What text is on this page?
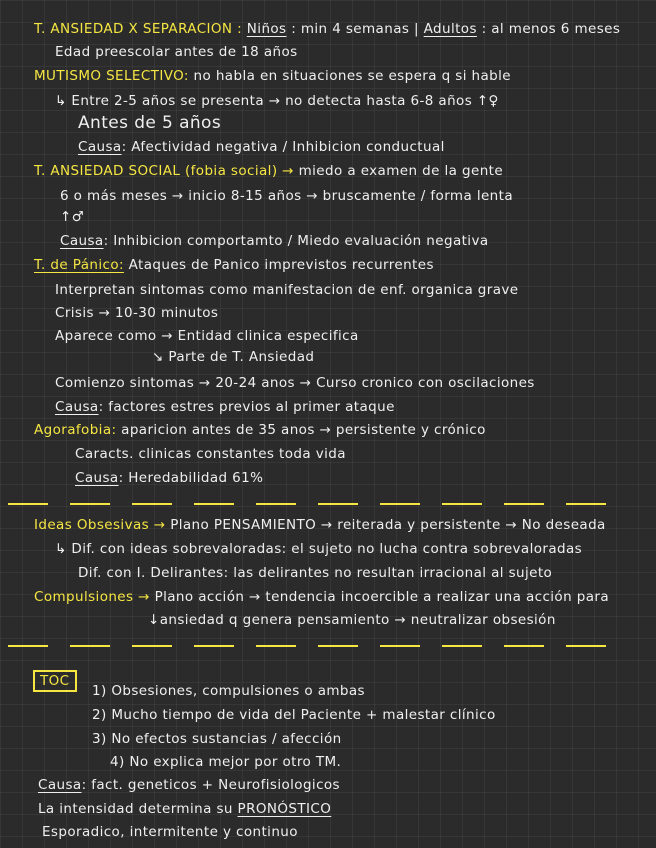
T. ANSIEDAD X SEPARACION : Niños : min 4 semanas | Adultos : al menos 6 meses
Edad preescolar antes de 18 años
MUTISMO SELECTIVO: no habla en situaciones se espera q si hable
↳ Entre 2-5 años se presenta → no detecta hasta 6-8 años ↑♀
Antes de 5 años
Causa: Afectividad negativa / Inhibicion conductual
T. ANSIEDAD SOCIAL (fobia social) → miedo a examen de la gente
6 o más meses → inicio 8-15 años → bruscamente / forma lenta
↑♂
Causa: Inhibicion comportamto / Miedo evaluación negativa
T. de Pánico: Ataques de Panico imprevistos recurrentes
Interpretan sintomas como manifestacion de enf. organica grave
Crisis → 10-30 minutos
Aparece como → Entidad clinica especifica
↘ Parte de T. Ansiedad
Comienzo sintomas → 20-24 anos → Curso cronico con oscilaciones
Causa: factores estres previos al primer ataque
Agorafobia: aparicion antes de 35 anos → persistente y crónico
Caracts. clinicas constantes toda vida
Causa: Heredabilidad 61%
Ideas Obsesivas → Plano PENSAMIENTO → reiterada y persistente → No deseada
↳ Dif. con ideas sobrevaloradas: el sujeto no lucha contra sobrevaloradas
Dif. con I. Delirantes: las delirantes no resultan irracional al sujeto
Compulsiones → Plano acción → tendencia incoercible a realizar una acción para
↓ansiedad q genera pensamiento → neutralizar obsesión
TOC
1) Obsesiones, compulsiones o ambas
2) Mucho tiempo de vida del Paciente + malestar clínico
3) No efectos sustancias / afección
4) No explica mejor por otro TM.
Causa: fact. geneticos + Neurofisiologicos
La intensidad determina su PRONÓSTICO
Esporadico, intermitente y continuo
